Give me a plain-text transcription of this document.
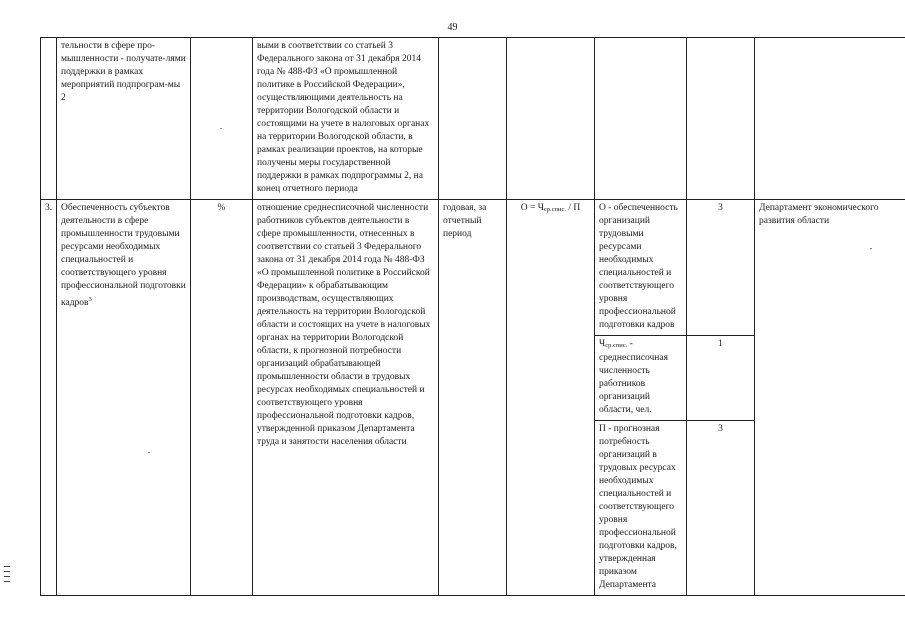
49
	тельности в сфере про-мышленности - получате-лями поддержки в рамках мероприятий подпрограм-мы 2		выми в соответствии со статьей 3 Федерального закона от 31 декабря 2014 года № 488-ФЗ «О промышленной политике в Российской Федерации», осуществляющими деятельность на территории Вологодской области и состоящими на учете в налоговых органах на территории Вологодской области, в рамках реализации проектов, на которые получены меры государственной поддержки в рамках подпрограммы 2, на конец отчетного периода					
3.	Обеспеченность субъектов деятельности в сфере промышленности трудовыми ресурсами необходимых специальностей и соответствующего уровня профессиональной подготовки кадров$^3$	%	отношение среднесписочной численности работников субъектов деятельности в сфере промышленности, отнесенных в соответствии со статьей 3 Федерального закона от 31 декабря 2014 года № 488-ФЗ «О промышленной политике в Российской Федерации» к обрабатывающим производствам, осуществляющих деятельность на территории Вологодской области и состоящих на учете в налоговых органах на территории Вологодской области, к прогнозной потребности организаций обрабатывающей промышленности области в трудовых ресурсах необходимых специальностей и соответствующего уровня профессиональной подготовки кадров, утвержденной приказом Департамента труда и занятости населения области	годовая, за отчетный период	О = Чср.спис. / П	О - обеспеченность организаций трудовыми ресурсами необходимых специальностей и соответствующего уровня профессиональной подготовки кадров	3	Департамент экономического развития области
						Чср.спис. - среднесписочная численность работников организаций области, чел.	1	
						П - прогнозная потребность организаций в трудовых ресурсах необходимых специальностей и соответствующего уровня профессиональной подготовки кадров, утвержденная приказом Департамента	3	
